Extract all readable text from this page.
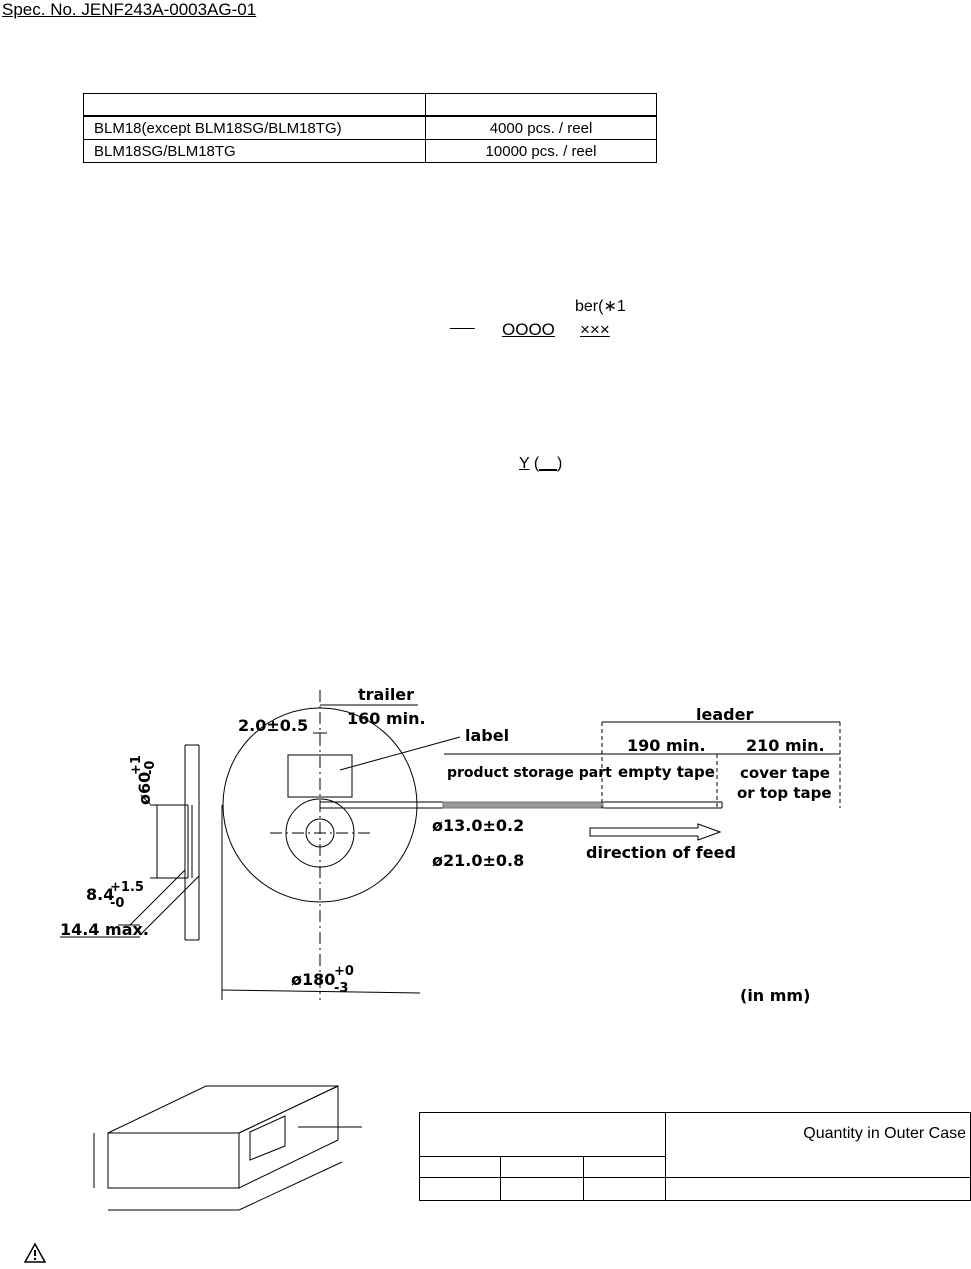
Spec. No. JENF243A-0003AG-01

BLM18(except BLM18SG/BLM18TG)	4000 pcs. / reel
BLM18SG/BLM18TG	10000 pcs. / reel
ber(∗1
___ OOOO ×××
Y (__)
trailer
160 min.	leader
2.0±0.5
label
product storage part
190 min.
empty tape
210 min.
cover tape
or top tape
ø13.0±0.2
ø21.0±0.8	direction of feed
14.4 max.
8.4
+1.5
-0
ø180
+0
-3	(in mm)
ø60
+1 -0
			Quantity in Outer Case
